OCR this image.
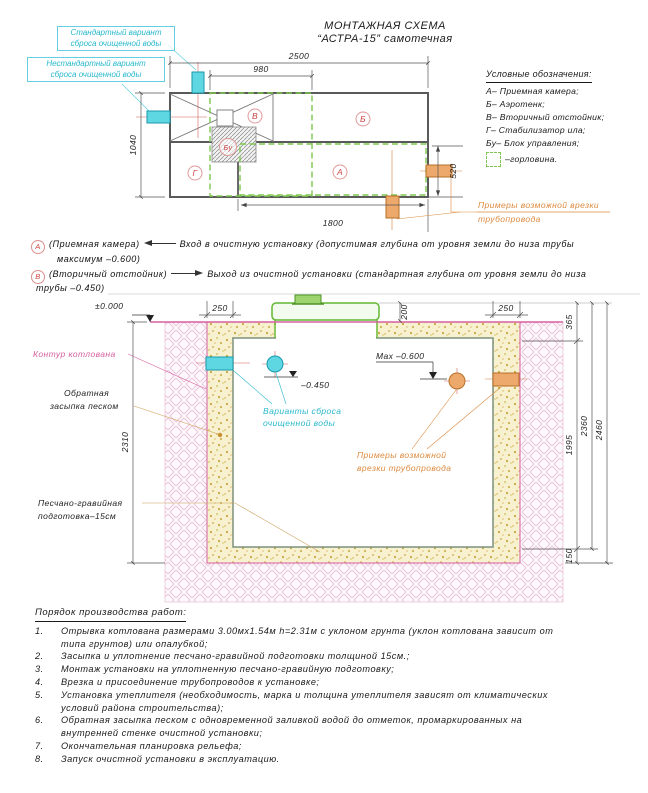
В	Б
Бу
Г	А
2500
980
1040
520
1800
Примеры возможной врезки
трубопровода
±0.000
–0.450
Max –0.600
Контур котлована
Обратная
засыпка песком
Песчано-гравийная
подготовка–15см
Варианты сброса
очищенной воды
Примеры возможной
врезки трубопровода
250	250
200
2310
365
1995
150
2360 2460
МОНТАЖНАЯ СХЕМА
“АСТРА-15” самотечная
Стандартный вариант
сброса очищенной воды
Нестандартный вариант
сброса очищенной воды	Условные обозначения:
А– Приемная камера;
Б– Аэротенк;
В– Вторичный отстойник;
Г– Стабилизатор ила;
Бу– Блок управления;
–горловина.
А (Приемная камера)	Вход в очистную установку (допустимая глубина от уровня земли до низа трубы
максимум –0.600)
В (Вторичный отстойник)	Выход из очистной установки (стандартная глубина от уровня земли до низа
трубы –0.450)
Порядок производства работ:
1.	Отрывка котлована размерами 3.00мх1.54м h=2.31м с уклоном грунта (уклон котлована зависит от
типа грунтов) или опалубкой;
2.	Засыпка и уплотнение песчано-гравийной подготовки толщиной 15см.;
3.	Монтаж установки на уплотненную песчано-гравийную подготовку;
4.	Врезка и присоединение трубопроводов к установке;
5.	Установка утеплителя (необходимость, марка и толщина утеплителя зависят от климатических
условий района строительства);
6.	Обратная засыпка песком с одновременной заливкой водой до отметок, промаркированных на
внутренней стенке очистной установки;
7.	Окончательная планировка рельефа;
8.	Запуск очистной установки в эксплуатацию.
